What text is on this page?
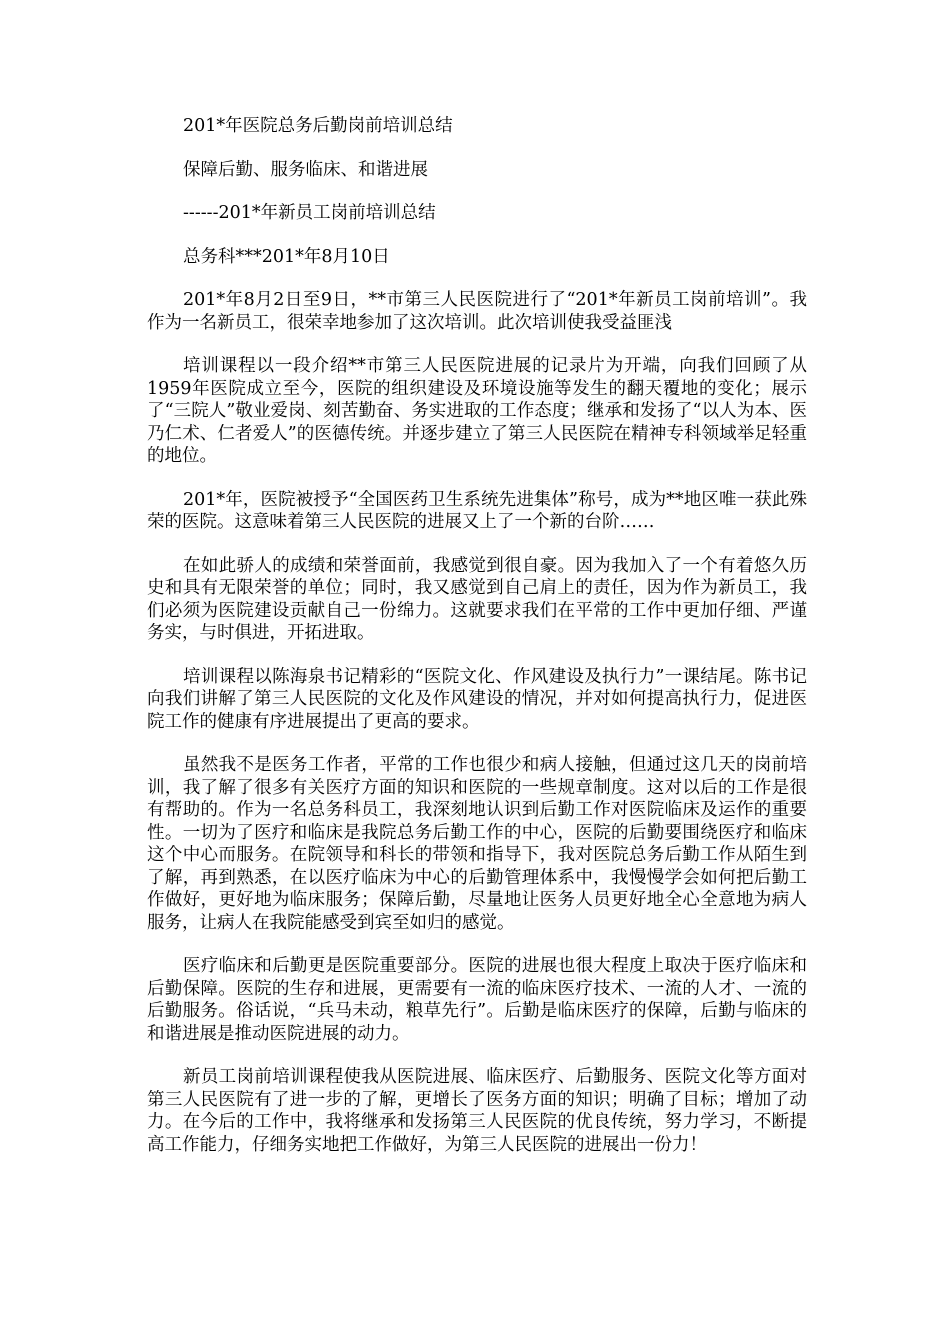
201*年医院总务后勤岗前培训总结

保障后勤、服务临床、和谐进展

------201*年新员工岗前培训总结

总务科***201*年8月10日

201*年8月2日至9日，**市第三人民医院进行了“201*年新员工岗前培训”。我作为一名新员工，很荣幸地参加了这次培训。此次培训使我受益匪浅

培训课程以一段介绍**市第三人民医院进展的记录片为开端，向我们回顾了从1959年医院成立至今，医院的组织建设及环境设施等发生的翻天覆地的变化；展示了“三院人”敬业爱岗、刻苦勤奋、务实进取的工作态度；继承和发扬了“以人为本、医乃仁术、仁者爱人”的医德传统。并逐步建立了第三人民医院在精神专科领域举足轻重的地位。

201*年，医院被授予“全国医药卫生系统先进集体”称号，成为**地区唯一获此殊荣的医院。这意味着第三人民医院的进展又上了一个新的台阶……

在如此骄人的成绩和荣誉面前，我感觉到很自豪。因为我加入了一个有着悠久历史和具有无限荣誉的单位；同时，我又感觉到自己肩上的责任，因为作为新员工，我们必须为医院建设贡献自己一份绵力。这就要求我们在平常的工作中更加仔细、严谨务实，与时俱进，开拓进取。

培训课程以陈海泉书记精彩的“医院文化、作风建设及执行力”一课结尾。陈书记向我们讲解了第三人民医院的文化及作风建设的情况，并对如何提高执行力，促进医院工作的健康有序进展提出了更高的要求。

虽然我不是医务工作者，平常的工作也很少和病人接触，但通过这几天的岗前培训，我了解了很多有关医疗方面的知识和医院的一些规章制度。这对以后的工作是很有帮助的。作为一名总务科员工，我深刻地认识到后勤工作对医院临床及运作的重要性。一切为了医疗和临床是我院总务后勤工作的中心，医院的后勤要围绕医疗和临床这个中心而服务。在院领导和科长的带领和指导下，我对医院总务后勤工作从陌生到了解，再到熟悉，在以医疗临床为中心的后勤管理体系中，我慢慢学会如何把后勤工作做好，更好地为临床服务；保障后勤，尽量地让医务人员更好地全心全意地为病人服务，让病人在我院能感受到宾至如归的感觉。

医疗临床和后勤更是医院重要部分。医院的进展也很大程度上取决于医疗临床和后勤保障。医院的生存和进展，更需要有一流的临床医疗技术、一流的人才、一流的后勤服务。俗话说，“兵马未动，粮草先行”。后勤是临床医疗的保障，后勤与临床的和谐进展是推动医院进展的动力。

新员工岗前培训课程使我从医院进展、临床医疗、后勤服务、医院文化等方面对第三人民医院有了进一步的了解，更增长了医务方面的知识；明确了目标；增加了动力。在今后的工作中，我将继承和发扬第三人民医院的优良传统，努力学习，不断提高工作能力，仔细务实地把工作做好，为第三人民医院的进展出一份力！
